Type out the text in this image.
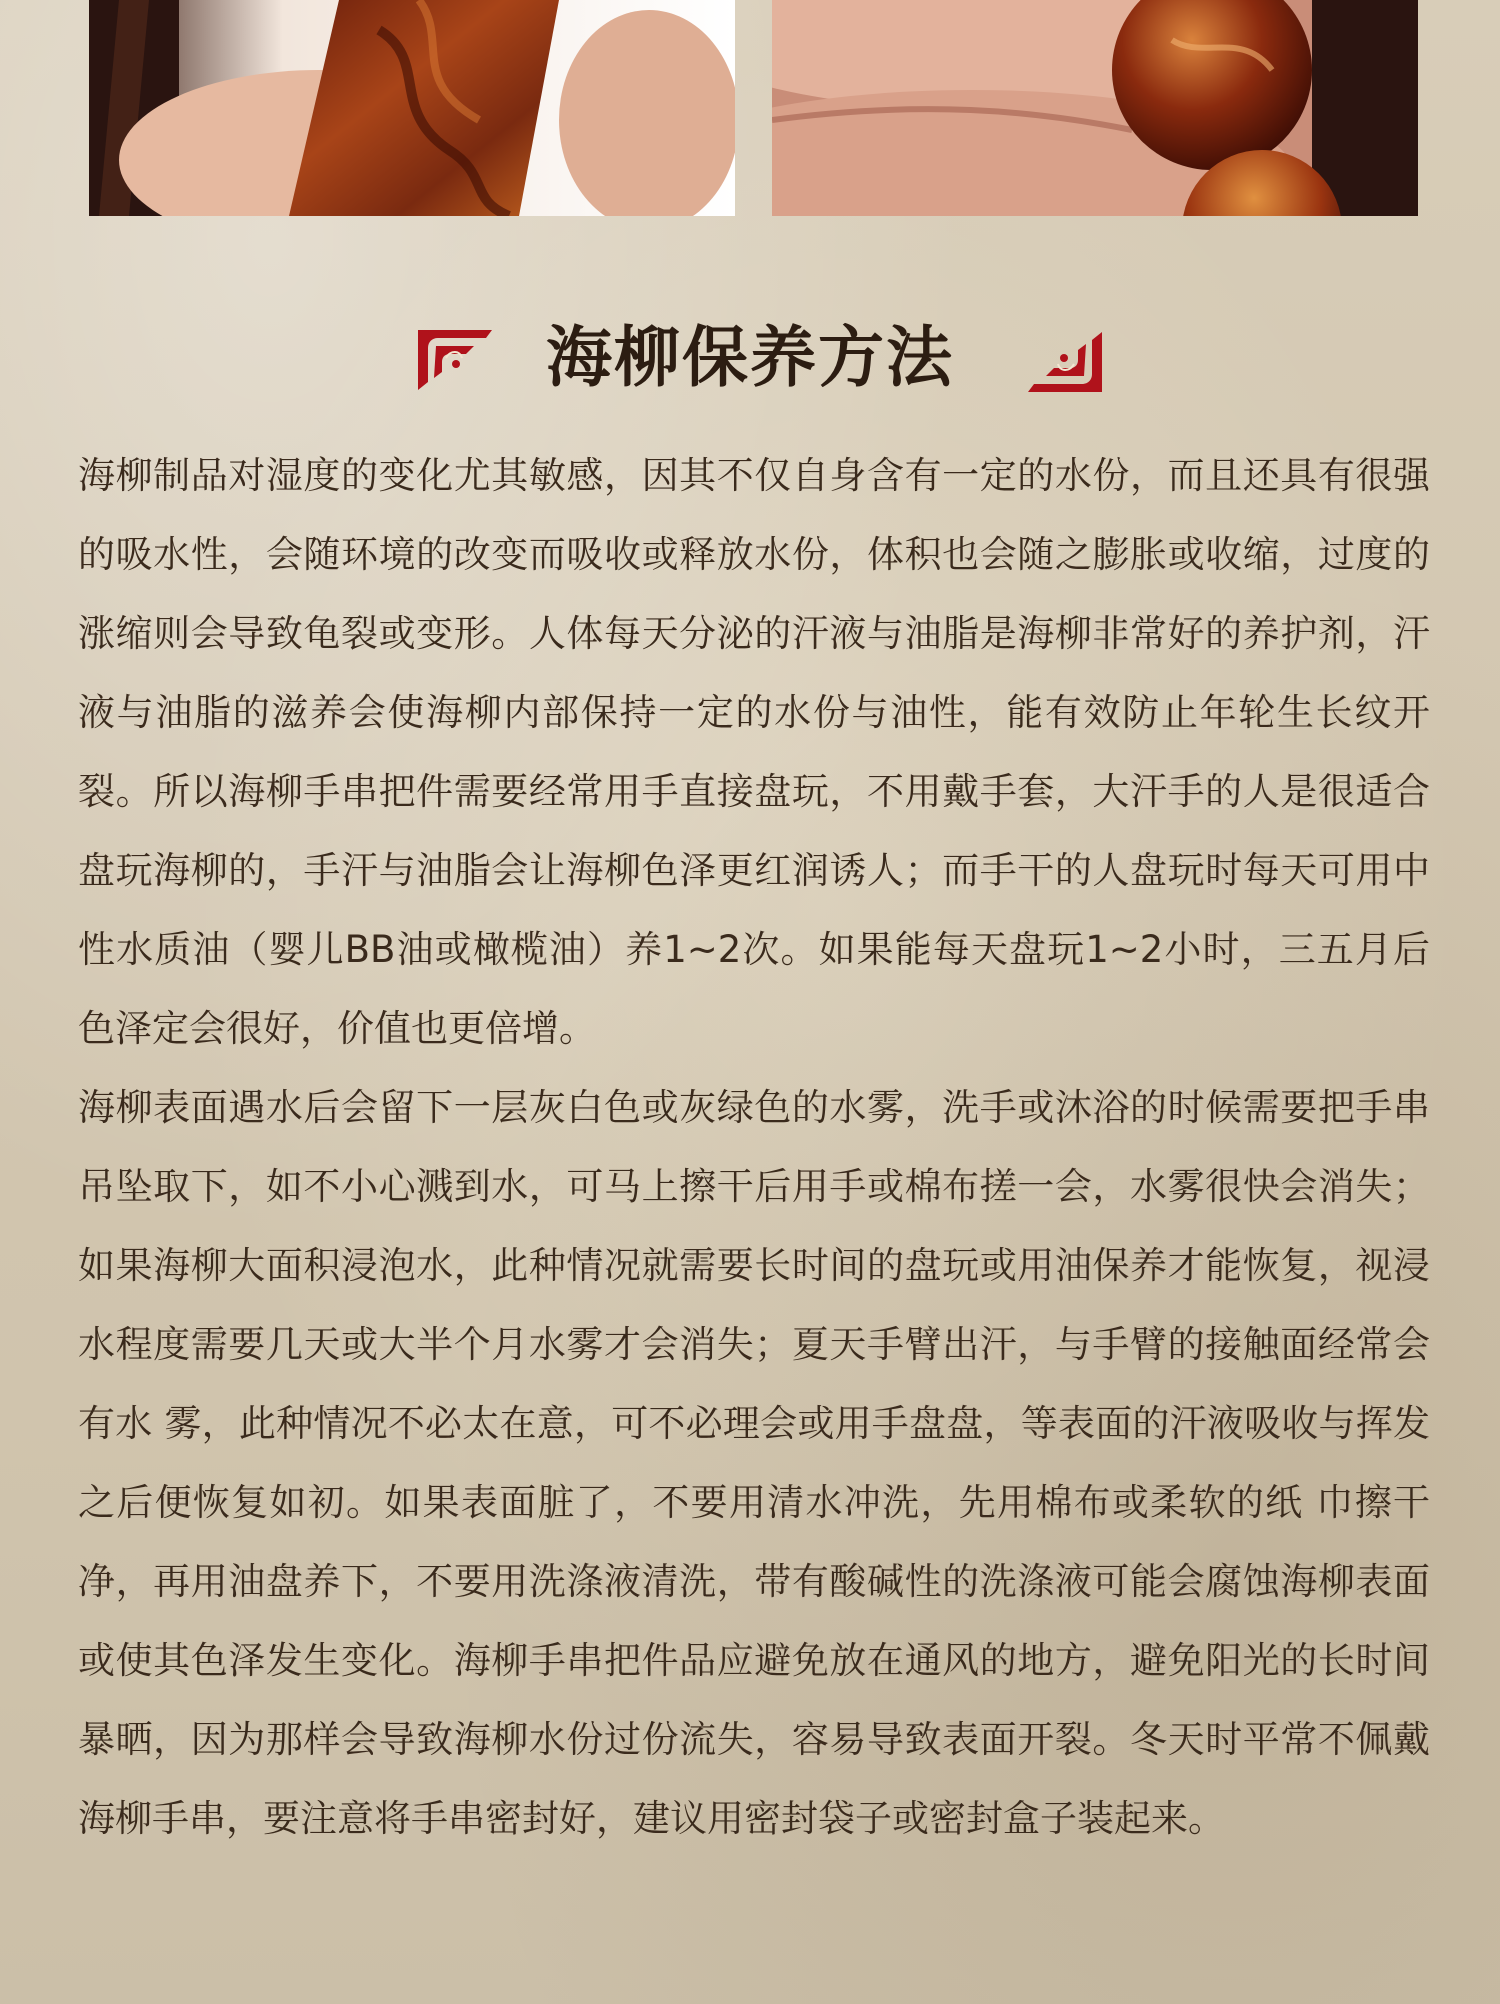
海柳保养方法

海柳制品对湿度的变化尤其敏感，因其不仅自身含有一定的水份，而且还具有很强的吸水性，会随环境的改变而吸收或释放水份，体积也会随之膨胀或收缩，过度的涨缩则会导致龟裂或变形。人体每天分泌的汗液与油脂是海柳非常好的养护剂，汗液与油脂的滋养会使海柳内部保持一定的水份与油性，能有效防止年轮生长纹开裂。所以海柳手串把件需要经常用手直接盘玩，不用戴手套，大汗手的人是很适合盘玩海柳的，手汗与油脂会让海柳色泽更红润诱人；而手干的人盘玩时每天可用中性水质油（婴儿BB油或橄榄油）养1~2次。如果能每天盘玩1~2小时，三五月后色泽定会很好，价值也更倍增。

海柳表面遇水后会留下一层灰白色或灰绿色的水雾，洗手或沐浴的时候需要把手串吊坠取下，如不小心溅到水，可马上擦干后用手或棉布搓一会，水雾很快会消失；如果海柳大面积浸泡水，此种情况就需要长时间的盘玩或用油保养才能恢复，视浸水程度需要几天或大半个月水雾才会消失；夏天手臂出汗，与手臂的接触面经常会有水 雾，此种情况不必太在意，可不必理会或用手盘盘，等表面的汗液吸收与挥发之后便恢复如初。如果表面脏了，不要用清水冲洗，先用棉布或柔软的纸 巾擦干净，再用油盘养下，不要用洗涤液清洗，带有酸碱性的洗涤液可能会腐蚀海柳表面或使其色泽发生变化。海柳手串把件品应避免放在通风的地方，避免阳光的长时间暴晒，因为那样会导致海柳水份过份流失，容易导致表面开裂。冬天时平常不佩戴海柳手串，要注意将手串密封好，建议用密封袋子或密封盒子装起来。
